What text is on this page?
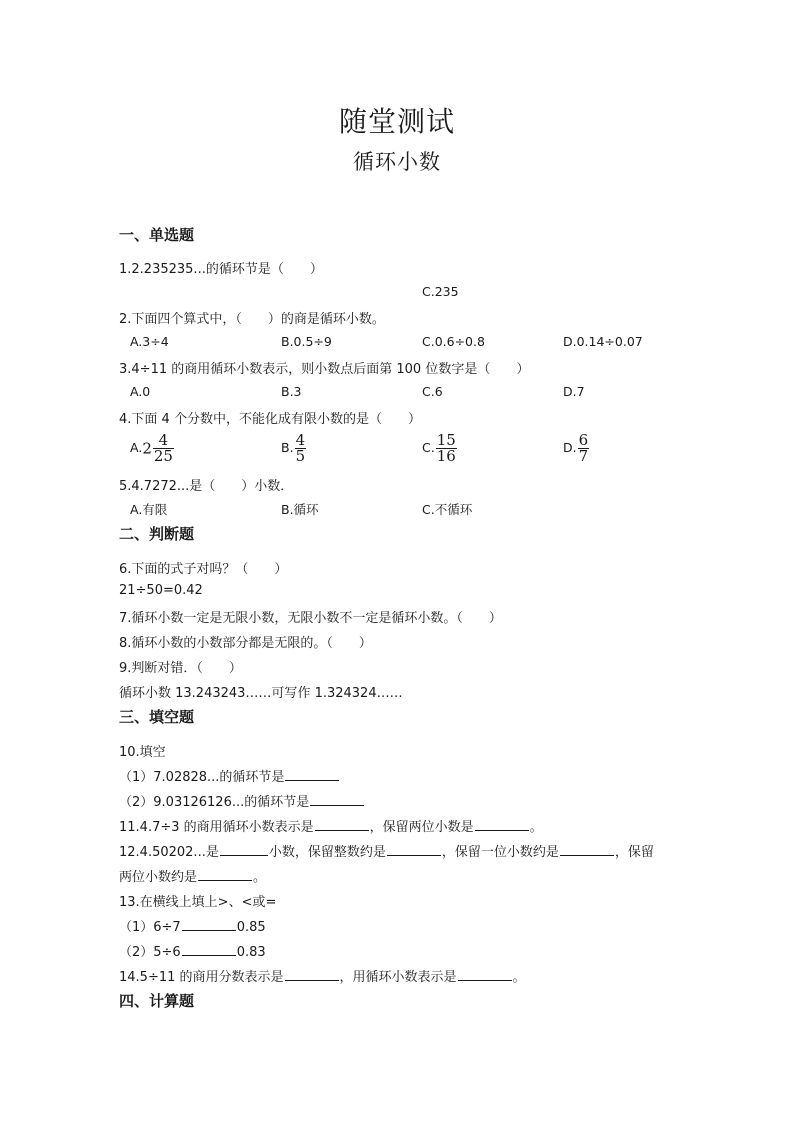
随堂测试
循环小数
一、单选题
1.2.235235...的循环节是（　　）
C.235
2.下面四个算式中，（　　）的商是循环小数。
A.3÷4	B.0.5÷9	C.0.6÷0.8	D.0.14÷0.07
3.4÷11 的商用循环小数表示，则小数点后面第 100 位数字是（　　）
A.0	B.3	C.6	D.7
4.下面 4 个分数中，不能化成有限小数的是（　　）
$A.2 \frac{4}{25}$	B. $\frac{4}{5}$	C. $\frac{15}{16}$	D. $\frac{6}{7}$
5.4.7272...是（　　）小数．
A.有限	B.循环	C.不循环
二、判断题
6.下面的式子对吗？（　　）
21÷50=0.42
7.循环小数一定是无限小数，无限小数不一定是循环小数。（　　）
8.循环小数的小数部分都是无限的。（　　）
9.判断对错．（　　）
循环小数 13.243243……可写作 1.324324……
三、填空题
10.填空
（1）7.02828...的循环节是
（2）9.03126126...的循环节是
11.4.7÷3 的商用循环小数表示是	，保留两位小数是	。
12.4.50202...是	小数，保留整数约是	，保留一位小数约是	，保留
两位小数约是	。
13.在横线上填上>、<或=
（1）6÷7	0.85
（2）5÷6	0.83
14.5÷11 的商用分数表示是	，用循环小数表示是	。
四、计算题
